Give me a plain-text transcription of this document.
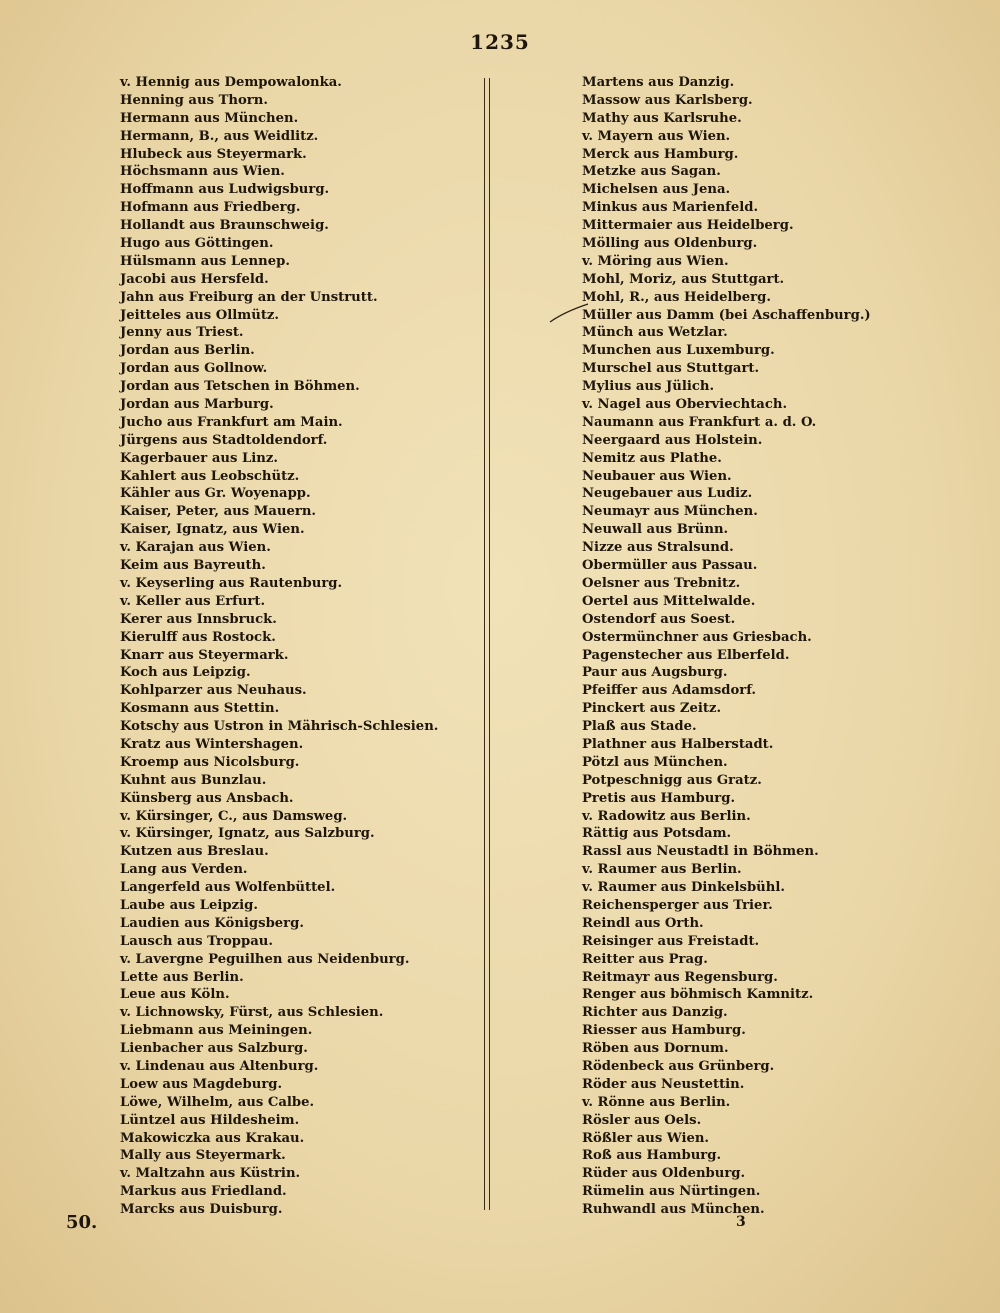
1235
v. Hennig aus Dempowalonka.
Henning aus Thorn.
Hermann aus München.
Hermann, B., aus Weidlitz.
Hlubeck aus Steyermark.
Höchsmann aus Wien.
Hoffmann aus Ludwigsburg.
Hofmann aus Friedberg.
Hollandt aus Braunschweig.
Hugo aus Göttingen.
Hülsmann aus Lennep.
Jacobi aus Hersfeld.
Jahn aus Freiburg an der Unstrutt.
Jeitteles aus Ollmütz.
Jenny aus Triest.
Jordan aus Berlin.
Jordan aus Gollnow.
Jordan aus Tetschen in Böhmen.
Jordan aus Marburg.
Jucho aus Frankfurt am Main.
Jürgens aus Stadtoldendorf.
Kagerbauer aus Linz.
Kahlert aus Leobschütz.
Kähler aus Gr. Woyenapp.
Kaiser, Peter, aus Mauern.
Kaiser, Ignatz, aus Wien.
v. Karajan aus Wien.
Keim aus Bayreuth.
v. Keyserling aus Rautenburg.
v. Keller aus Erfurt.
Kerer aus Innsbruck.
Kierulff aus Rostock.
Knarr aus Steyermark.
Koch aus Leipzig.
Kohlparzer aus Neuhaus.
Kosmann aus Stettin.
Kotschy aus Ustron in Mährisch-Schlesien.
Kratz aus Wintershagen.
Kroemp aus Nicolsburg.
Kuhnt aus Bunzlau.
Künsberg aus Ansbach.
v. Kürsinger, C., aus Damsweg.
v. Kürsinger, Ignatz, aus Salzburg.
Kutzen aus Breslau.
Lang aus Verden.
Langerfeld aus Wolfenbüttel.
Laube aus Leipzig.
Laudien aus Königsberg.
Lausch aus Troppau.
v. Lavergne Peguilhen aus Neidenburg.
Lette aus Berlin.
Leue aus Köln.
v. Lichnowsky, Fürst, aus Schlesien.
Liebmann aus Meiningen.
Lienbacher aus Salzburg.
v. Lindenau aus Altenburg.
Loew aus Magdeburg.
Löwe, Wilhelm, aus Calbe.
Lüntzel aus Hildesheim.
Makowiczka aus Krakau.
Mally aus Steyermark.
v. Maltzahn aus Küstrin.
Markus aus Friedland.
Marcks aus Duisburg.
Martens aus Danzig.
Massow aus Karlsberg.
Mathy aus Karlsruhe.
v. Mayern aus Wien.
Merck aus Hamburg.
Metzke aus Sagan.
Michelsen aus Jena.
Minkus aus Marienfeld.
Mittermaier aus Heidelberg.
Mölling aus Oldenburg.
v. Möring aus Wien.
Mohl, Moriz, aus Stuttgart.
Mohl, R., aus Heidelberg.
Müller aus Damm (bei Aschaffenburg.)
Münch aus Wetzlar.
Munchen aus Luxemburg.
Murschel aus Stuttgart.
Mylius aus Jülich.
v. Nagel aus Oberviechtach.
Naumann aus Frankfurt a. d. O.
Neergaard aus Holstein.
Nemitz aus Plathe.
Neubauer aus Wien.
Neugebauer aus Ludiz.
Neumayr aus München.
Neuwall aus Brünn.
Nizze aus Stralsund.
Obermüller aus Passau.
Oelsner aus Trebnitz.
Oertel aus Mittelwalde.
Ostendorf aus Soest.
Ostermünchner aus Griesbach.
Pagenstecher aus Elberfeld.
Paur aus Augsburg.
Pfeiffer aus Adamsdorf.
Pinckert aus Zeitz.
Plaß aus Stade.
Plathner aus Halberstadt.
Pötzl aus München.
Potpeschnigg aus Gratz.
Pretis aus Hamburg.
v. Radowitz aus Berlin.
Rättig aus Potsdam.
Rassl aus Neustadtl in Böhmen.
v. Raumer aus Berlin.
v. Raumer aus Dinkelsbühl.
Reichensperger aus Trier.
Reindl aus Orth.
Reisinger aus Freistadt.
Reitter aus Prag.
Reitmayr aus Regensburg.
Renger aus böhmisch Kamnitz.
Richter aus Danzig.
Riesser aus Hamburg.
Röben aus Dornum.
Rödenbeck aus Grünberg.
Röder aus Neustettin.
v. Rönne aus Berlin.
Rösler aus Oels.
Rößler aus Wien.
Roß aus Hamburg.
Rüder aus Oldenburg.
Rümelin aus Nürtingen.
Ruhwandl aus München.
50.	3
